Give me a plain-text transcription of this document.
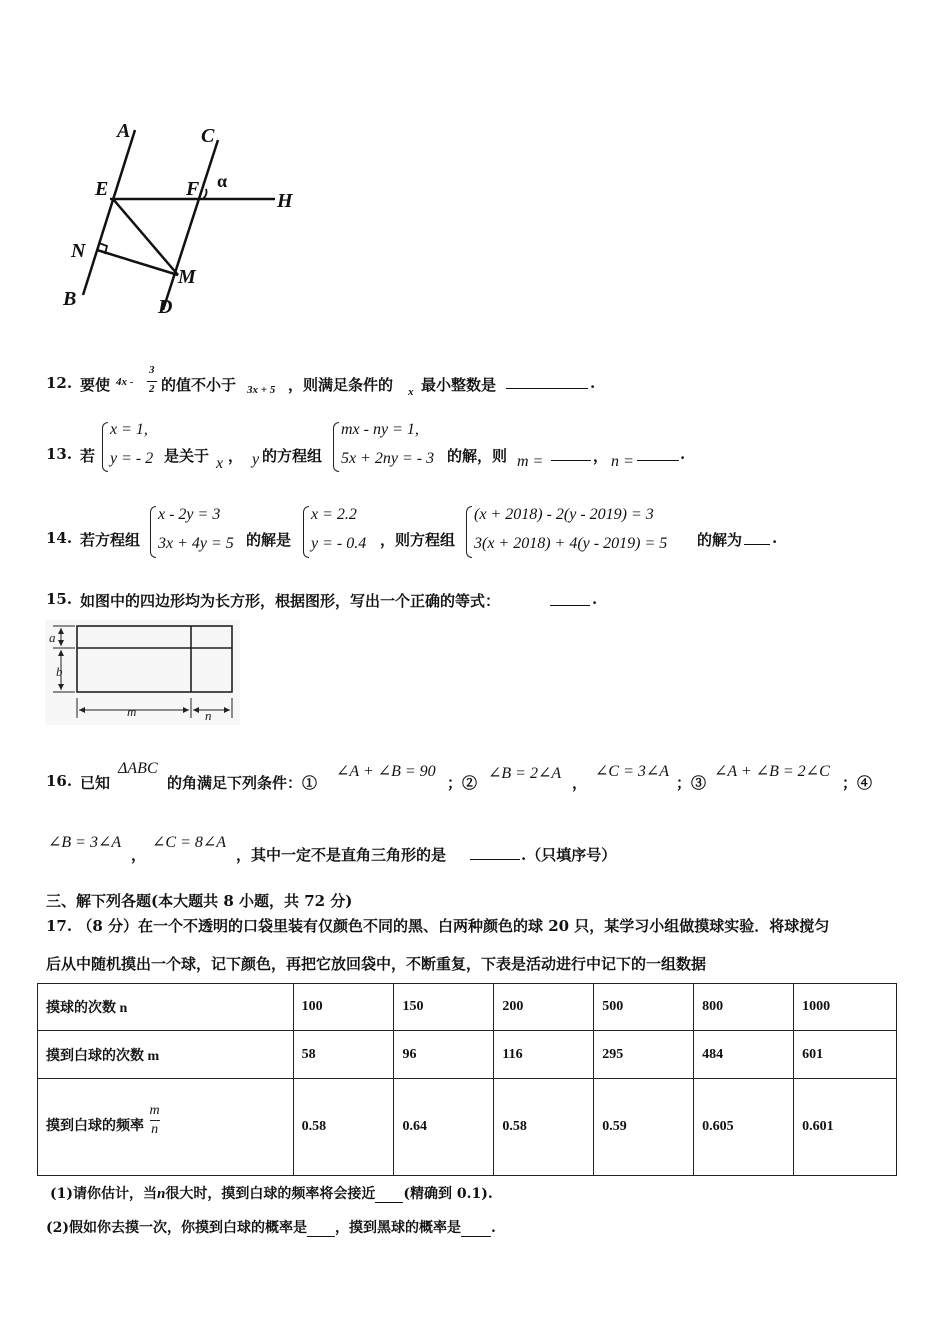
A	C
E	F α
H
N
M
B	D
12. 要使 4x -
3
2 的值不小于 3x + 5 ，则满足条件的 x 最小整数是	.
13. 若
x = 1,
y = - 2 是关于 x ， y 的方程组
mx - ny = 1,
5x + 2ny = - 3 的解，则 m =	， n =	.
14. 若方程组
x - 2y = 3
3x + 4y = 5 的解是
x = 2.2
y = - 0.4 ，则方程组
(x + 2018) - 2(y - 2019) = 3
3(x + 2018) + 4(y - 2019) = 5 的解为 .
15. 如图中的四边形均为长方形，根据图形，写出一个正确的等式：	.
a
b
m	n
16. 已知
ΔABC
的角满足下列条件：①
∠A + ∠B = 90
；②
∠B = 2∠A
，
∠C = 3∠A
；③
∠A + ∠B = 2∠C
；④
∠B = 3∠A
，
∠C = 8∠A
，其中一定不是直角三角形的是	.（只填序号）
三、解下列各题(本大题共 8 小题，共 72 分)
17. （8 分）在一个不透明的口袋里装有仅颜色不同的黑、白两种颜色的球 20 只，某学习小组做摸球实验．将球搅匀
后从中随机摸出一个球，记下颜色，再把它放回袋中，不断重复，下表是活动进行中记下的一组数据
摸球的次数 n	100	150	200	500	800	1000
摸到白球的次数 m	58	96	116	295	484	601
摸到白球的频率 $\frac{m}{n}$	0.58	0.64	0.58	0.59	0.605	0.601
(1)请你估计，当n很大时，摸到白球的频率将会接近 (精确到 0.1).
(2)假如你去摸一次，你摸到白球的概率是 ，摸到黑球的概率是 .
